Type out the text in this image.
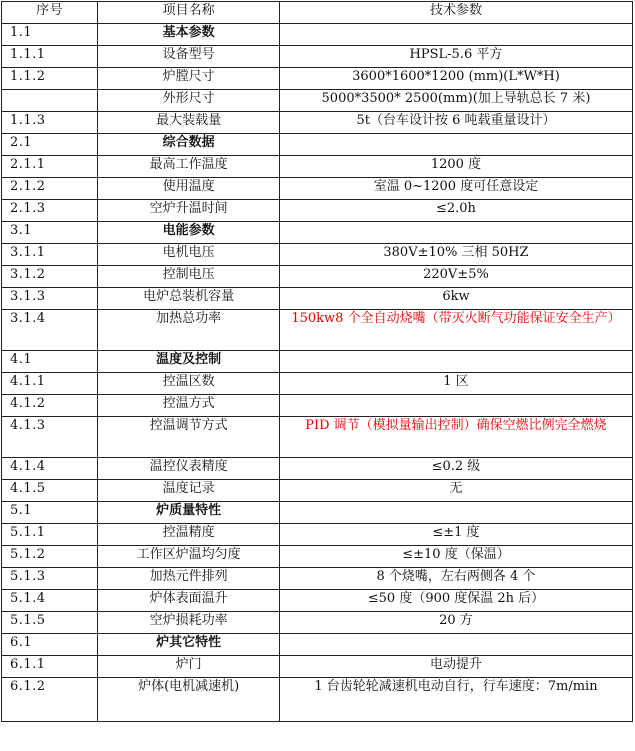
序号	项目名称	技术参数
1.1	基本参数	
1.1.1	设备型号	HPSL-5.6 平方
1.1.2	炉膛尺寸	3600*1600*1200 (mm)(L*W*H)
	外形尺寸	5000*3500* 2500(mm)(加上导轨总长 7 米)
1.1.3	最大装载量	5t（台车设计按 6 吨载重量设计）
2.1	综合数据	
2.1.1	最高工作温度	1200 度
2.1.2	使用温度	室温 0~1200 度可任意设定
2.1.3	空炉升温时间	≤2.0h
3.1	电能参数	
3.1.1	电机电压	380V±10% 三相 50HZ
3.1.2	控制电压	220V±5%
3.1.3	电炉总装机容量	6kw
3.1.4	加热总功率	150kw8 个全自动烧嘴（带灭火断气功能保证安全生产）
4.1	温度及控制	
4.1.1	控温区数	1 区
4.1.2	控温方式	
4.1.3	控温调节方式	PID 调节（模拟量输出控制）确保空燃比例完全燃烧
4.1.4	温控仪表精度	≤0.2 级
4.1.5	温度记录	无
5.1	炉质量特性	
5.1.1	控温精度	≤±1 度
5.1.2	工作区炉温均匀度	≤±10 度（保温）
5.1.3	加热元件排列	8 个烧嘴，左右两侧各 4 个
5.1.4	炉体表面温升	≤50 度（900 度保温 2h 后）
5.1.5	空炉损耗功率	20 方
6.1	炉其它特性	
6.1.1	炉门	电动提升
6.1.2	炉体(电机减速机)	1 台齿轮轮减速机电动自行，行车速度：7m/min
